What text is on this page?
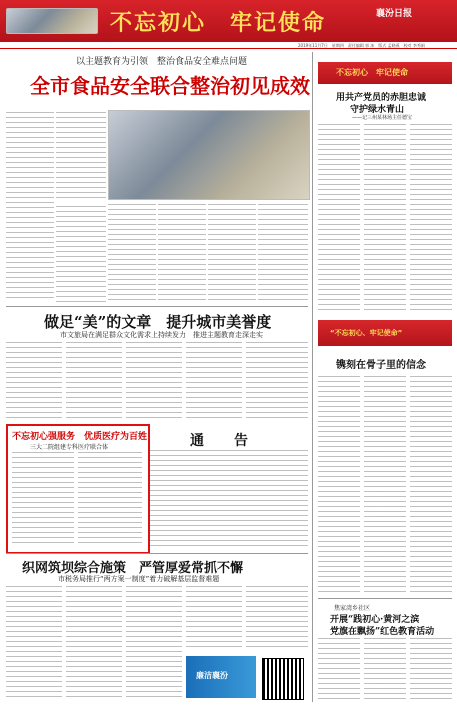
不忘初心　牢记使命	襄汾日报
2019年11月7日　星期四　责任编辑 郭 冰　版式 孟晓燕　校对 李秀娟
以主题教育为引领　整治食品安全难点问题
全市食品安全联合整治初见成效
做足“美”的文章　提升城市美誉度
市文旅局在满足群众文化需求上持续发力　推进主题教育走深走实
不忘初心强服务　优质医疗为百姓
三大二院组建专科医疗联合体	通　告
织网筑坝综合施策　严管厚爱常抓不懈
市税务局推行“两方案一制度”着力破解基层监督难题
廉洁襄汾
不忘初心　牢记使命
用共产党员的赤胆忠诚
守护绿水青山
——记三州某林场主任德宝
“不忘初心、牢记使命”
镌刻在骨子里的信念
焦家湾乡社区
开展“践初心·黄河之滨
党旗在飘扬”红色教育活动
